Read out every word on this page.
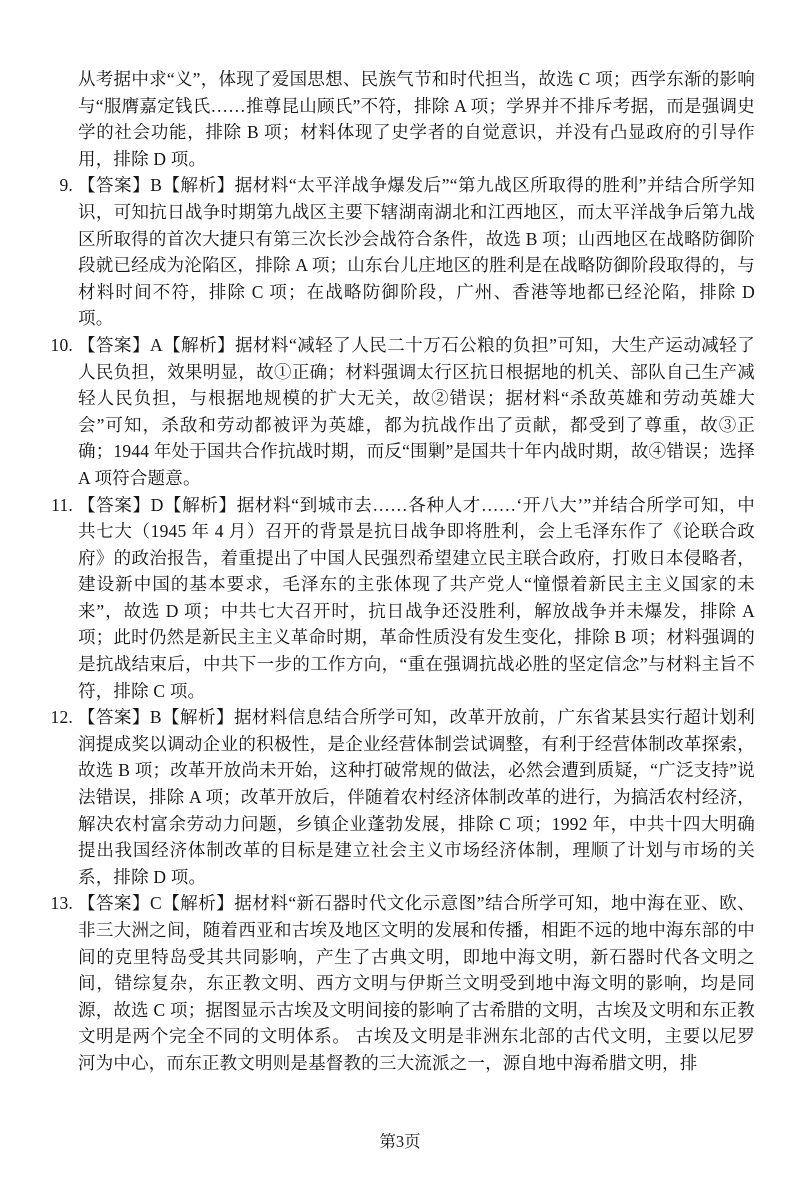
从考据中求“义”，体现了爱国思想、民族气节和时代担当，故选 C 项；西学东渐的影响与“服膺嘉定钱氏……推尊昆山顾氏”不符，排除 A 项；学界并不排斥考据，而是强调史学的社会功能，排除 B 项；材料体现了史学者的自觉意识，并没有凸显政府的引导作用，排除 D 项。

9. 【答案】B【解析】据材料“太平洋战争爆发后”“第九战区所取得的胜利”并结合所学知识，可知抗日战争时期第九战区主要下辖湖南湖北和江西地区，而太平洋战争后第九战区所取得的首次大捷只有第三次长沙会战符合条件，故选 B 项；山西地区在战略防御阶段就已经成为沦陷区，排除 A 项；山东台儿庄地区的胜利是在战略防御阶段取得的，与材料时间不符，排除 C 项；在战略防御阶段，广州、香港等地都已经沦陷，排除 D 项。

10. 【答案】A【解析】据材料“减轻了人民二十万石公粮的负担”可知，大生产运动减轻了人民负担，效果明显，故①正确；材料强调太行区抗日根据地的机关、部队自己生产减轻人民负担，与根据地规模的扩大无关，故②错误；据材料“杀敌英雄和劳动英雄大会”可知，杀敌和劳动都被评为英雄，都为抗战作出了贡献，都受到了尊重，故③正确；1944 年处于国共合作抗战时期，而反“围剿”是国共十年内战时期，故④错误；选择 A 项符合题意。

11. 【答案】D【解析】据材料“到城市去……各种人才……‘开八大’”并结合所学可知，中共七大（1945 年 4 月）召开的背景是抗日战争即将胜利，会上毛泽东作了《论联合政府》的政治报告，着重提出了中国人民强烈希望建立民主联合政府，打败日本侵略者，建设新中国的基本要求，毛泽东的主张体现了共产党人“憧憬着新民主主义国家的未来”，故选 D 项；中共七大召开时，抗日战争还没胜利，解放战争并未爆发，排除 A 项；此时仍然是新民主主义革命时期，革命性质没有发生变化，排除 B 项；材料强调的是抗战结束后，中共下一步的工作方向，“重在强调抗战必胜的坚定信念”与材料主旨不符，排除 C 项。

12. 【答案】B【解析】据材料信息结合所学可知，改革开放前，广东省某县实行超计划利润提成奖以调动企业的积极性，是企业经营体制尝试调整，有利于经营体制改革探索，故选 B 项；改革开放尚未开始，这种打破常规的做法，必然会遭到质疑，“广泛支持”说法错误，排除 A 项；改革开放后，伴随着农村经济体制改革的进行，为搞活农村经济，解决农村富余劳动力问题，乡镇企业蓬勃发展，排除 C 项；1992 年，中共十四大明确提出我国经济体制改革的目标是建立社会主义市场经济体制，理顺了计划与市场的关系，排除 D 项。

13. 【答案】C【解析】据材料“新石器时代文化示意图”结合所学可知，地中海在亚、欧、非三大洲之间，随着西亚和古埃及地区文明的发展和传播，相距不远的地中海东部的中间的克里特岛受其共同影响，产生了古典文明，即地中海文明，新石器时代各文明之间，错综复杂，东正教文明、西方文明与伊斯兰文明受到地中海文明的影响，均是同源，故选 C 项；据图显示古埃及文明间接的影响了古希腊的文明，古埃及文明和东正教文明是两个完全不同的文明体系。 古埃及文明是非洲东北部的古代文明，主要以尼罗河为中心，而东正教文明则是基督教的三大流派之一，源自地中海希腊文明，排

第3页
